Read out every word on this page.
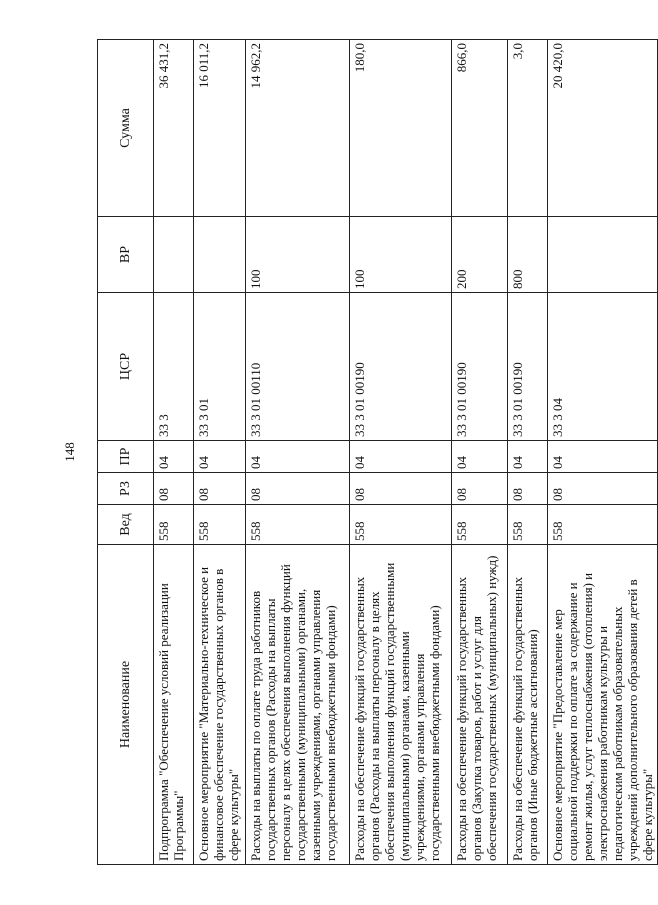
148
Наименование	Вед	РЗ	ПР	ЦСР	ВР	Сумма
Подпрограмма "Обеспечение условий реализации Программы"	558	08	04	33 3		36 431,2
Основное мероприятие "Материально-техническое и финансовое обеспечение государственных органов в сфере культуры"	558	08	04	33 3 01		16 011,2
Расходы на выплаты по оплате труда работников государственных органов (Расходы на выплаты персоналу в целях обеспечения выполнения функций государственными (муниципальными) органами, казенными учреждениями, органами управления государственными внебюджетными фондами)	558	08	04	33 3 01 00110	100	14 962,2
Расходы на обеспечение функций государственных органов (Расходы на выплаты персоналу в целях обеспечения выполнения функций государственными (муниципальными) органами, казенными учреждениями, органами управления государственными внебюджетными фондами)	558	08	04	33 3 01 00190	100	180,0
Расходы на обеспечение функций государственных органов (Закупка товаров, работ и услуг для обеспечения государственных (муниципальных) нужд)	558	08	04	33 3 01 00190	200	866,0
Расходы на обеспечение функций государственных органов (Иные бюджетные ассигнования)	558	08	04	33 3 01 00190	800	3,0
Основное мероприятие "Предоставление мер социальной поддержки по оплате за содержание и ремонт жилья, услуг теплоснабжения (отопления) и электроснабжения работникам культуры и педагогическим работникам образовательных учреждений дополнительного образования детей в сфере культуры"	558	08	04	33 3 04		20 420,0
